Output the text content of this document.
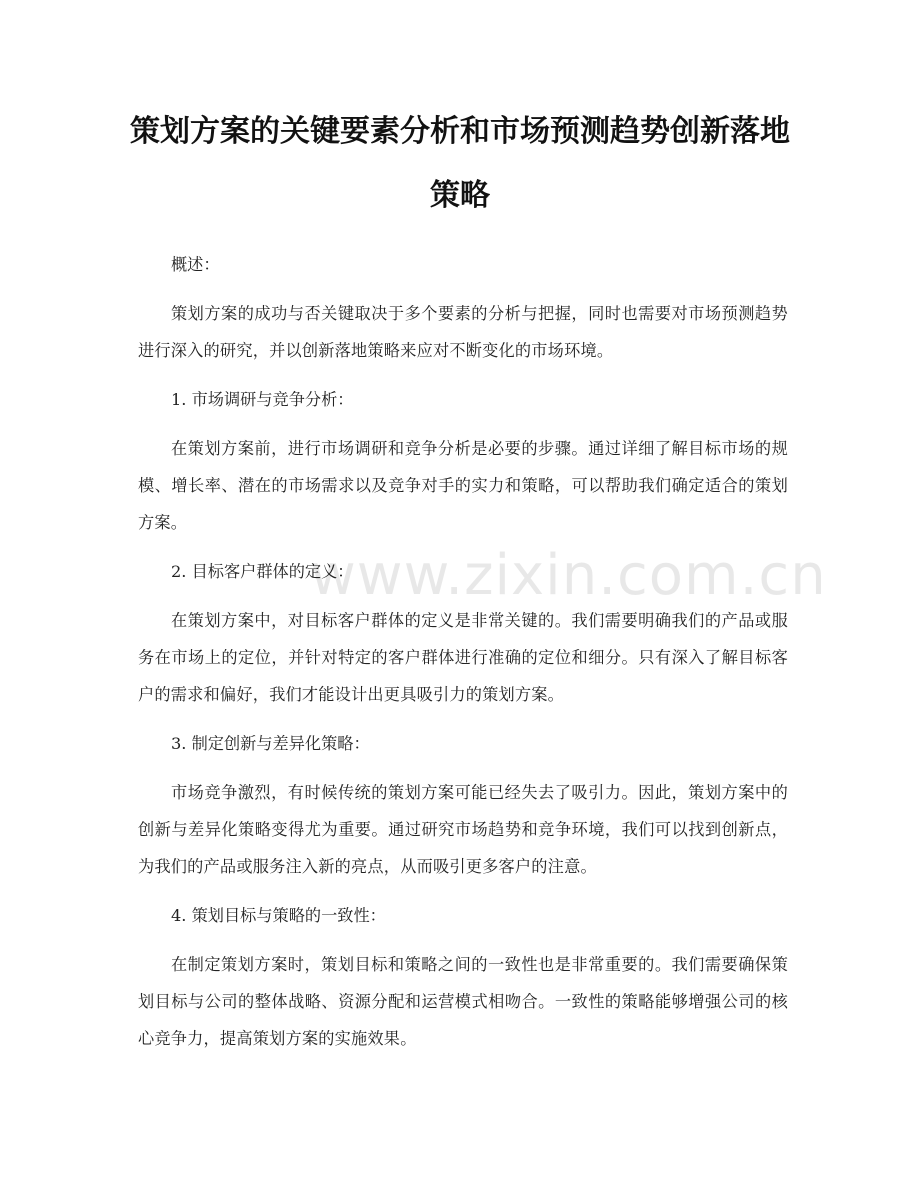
策划方案的关键要素分析和市场预测趋势创新落地策略
www.zixin.com.cn

概述：

策划方案的成功与否关键取决于多个要素的分析与把握，同时也需要对市场预测趋势进行深入的研究，并以创新落地策略来应对不断变化的市场环境。

1. 市场调研与竞争分析：

在策划方案前，进行市场调研和竞争分析是必要的步骤。通过详细了解目标市场的规模、增长率、潜在的市场需求以及竞争对手的实力和策略，可以帮助我们确定适合的策划方案。

2. 目标客户群体的定义：

在策划方案中，对目标客户群体的定义是非常关键的。我们需要明确我们的产品或服务在市场上的定位，并针对特定的客户群体进行准确的定位和细分。只有深入了解目标客户的需求和偏好，我们才能设计出更具吸引力的策划方案。

3. 制定创新与差异化策略：

市场竞争激烈，有时候传统的策划方案可能已经失去了吸引力。因此，策划方案中的创新与差异化策略变得尤为重要。通过研究市场趋势和竞争环境，我们可以找到创新点，为我们的产品或服务注入新的亮点，从而吸引更多客户的注意。

4. 策划目标与策略的一致性：

在制定策划方案时，策划目标和策略之间的一致性也是非常重要的。我们需要确保策划目标与公司的整体战略、资源分配和运营模式相吻合。一致性的策略能够增强公司的核心竞争力，提高策划方案的实施效果。
